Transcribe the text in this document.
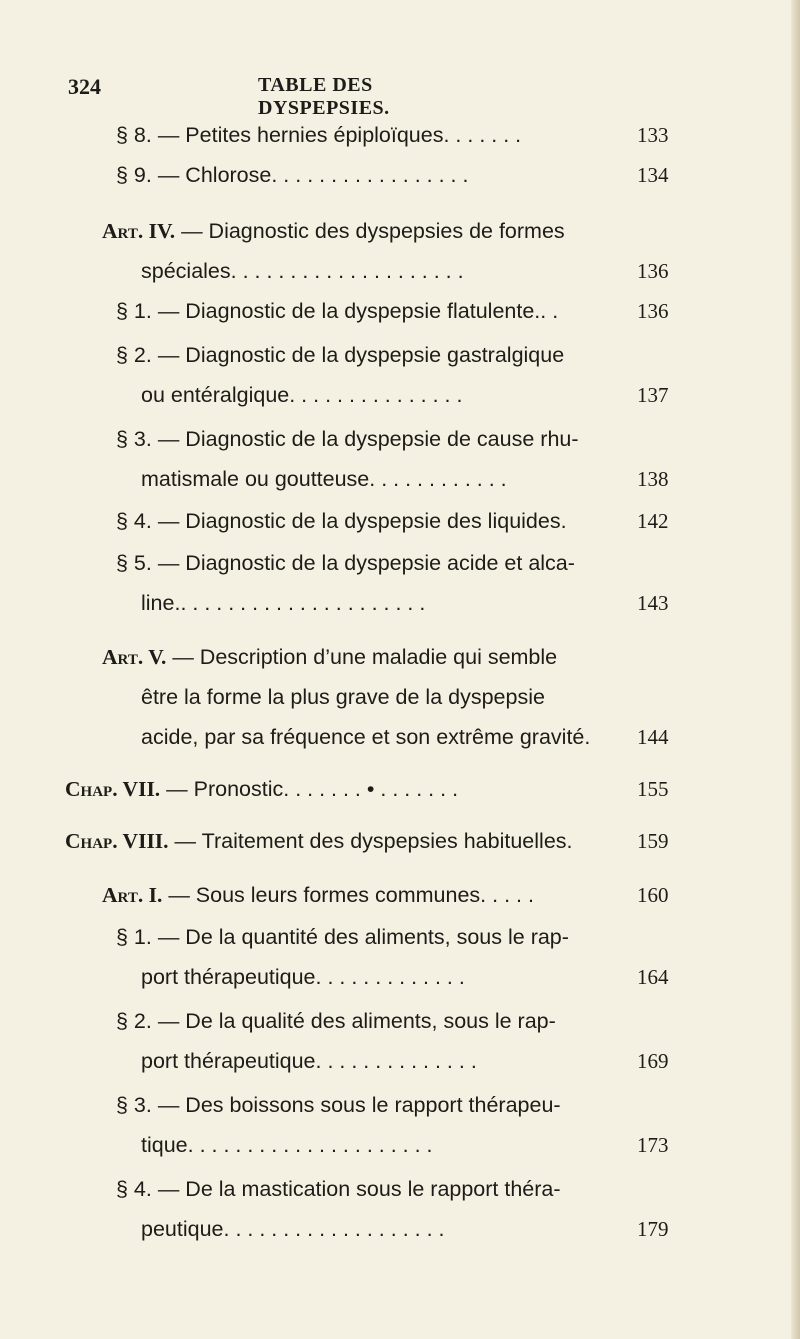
324	TABLE DES DYSPEPSIES.
§ 8. — Petites hernies épiploïques. . . . . . .	133
§ 9. — Chlorose. . . . . . . . . . . . . . . . .	134
Art. IV. — Diagnostic des dyspepsies de formes
spéciales. . . . . . . . . . . . . . . . . . . .	136
§ 1. — Diagnostic de la dyspepsie flatulente.. .	136
§ 2. — Diagnostic de la dyspepsie gastralgique
ou entéralgique. . . . . . . . . . . . . . .	137
§ 3. — Diagnostic de la dyspepsie de cause rhu-
matismale ou goutteuse. . . . . . . . . . . .	138
§ 4. — Diagnostic de la dyspepsie des liquides.	142
§ 5. — Diagnostic de la dyspepsie acide et alca-
line.. . . . . . . . . . . . . . . . . . . . .	143
Art. V. — Description d’une maladie qui semble
être la forme la plus grave de la dyspepsie
acide, par sa fréquence et son extrême gravité. 144
Chap. VII. — Pronostic. . . . . . . • . . . . . . .	155
Chap. VIII. — Traitement des dyspepsies habituelles.	159
Art. I. — Sous leurs formes communes. . . . .	160
§ 1. — De la quantité des aliments, sous le rap-
port thérapeutique. . . . . . . . . . . . .	164
§ 2. — De la qualité des aliments, sous le rap-
port thérapeutique. . . . . . . . . . . . . .	169
§ 3. — Des boissons sous le rapport thérapeu-
tique. . . . . . . . . . . . . . . . . . . . .	173
§ 4. — De la mastication sous le rapport théra-
peutique. . . . . . . . . . . . . . . . . . .	179
